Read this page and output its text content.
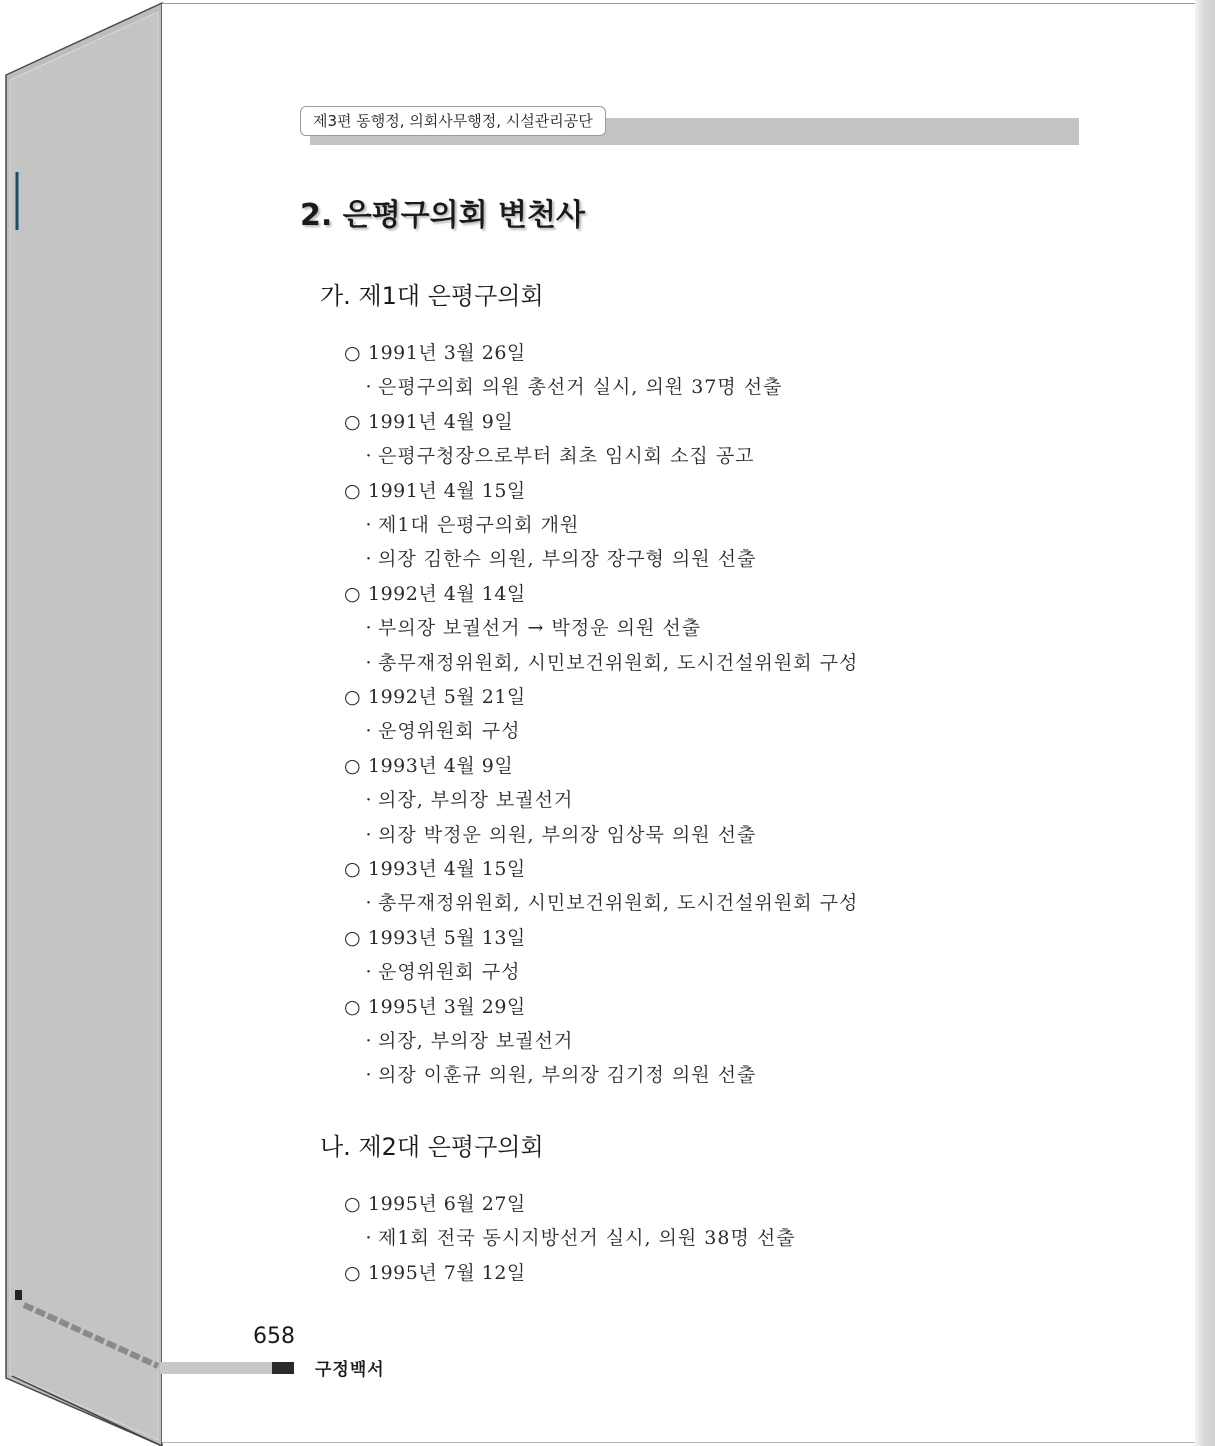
제3편 동행정, 의회사무행정, 시설관리공단
2. 은평구의회 변천사
가. 제1대 은평구의회
○ 1991년 3월 26일
· 은평구의회 의원 총선거 실시, 의원 37명 선출
○ 1991년 4월 9일
· 은평구청장으로부터 최초 임시회 소집 공고
○ 1991년 4월 15일
· 제1대 은평구의회 개원
· 의장 김한수 의원, 부의장 장구형 의원 선출
○ 1992년 4월 14일
· 부의장 보궐선거 → 박정운 의원 선출
· 총무재정위원회, 시민보건위원회, 도시건설위원회 구성
○ 1992년 5월 21일
· 운영위원회 구성
○ 1993년 4월 9일
· 의장, 부의장 보궐선거
· 의장 박정운 의원, 부의장 임상묵 의원 선출
○ 1993년 4월 15일
· 총무재정위원회, 시민보건위원회, 도시건설위원회 구성
○ 1993년 5월 13일
· 운영위원회 구성
○ 1995년 3월 29일
· 의장, 부의장 보궐선거
· 의장 이훈규 의원, 부의장 김기정 의원 선출
나. 제2대 은평구의회
○ 1995년 6월 27일
· 제1회 전국 동시지방선거 실시, 의원 38명 선출
○ 1995년 7월 12일
658
구정백서
